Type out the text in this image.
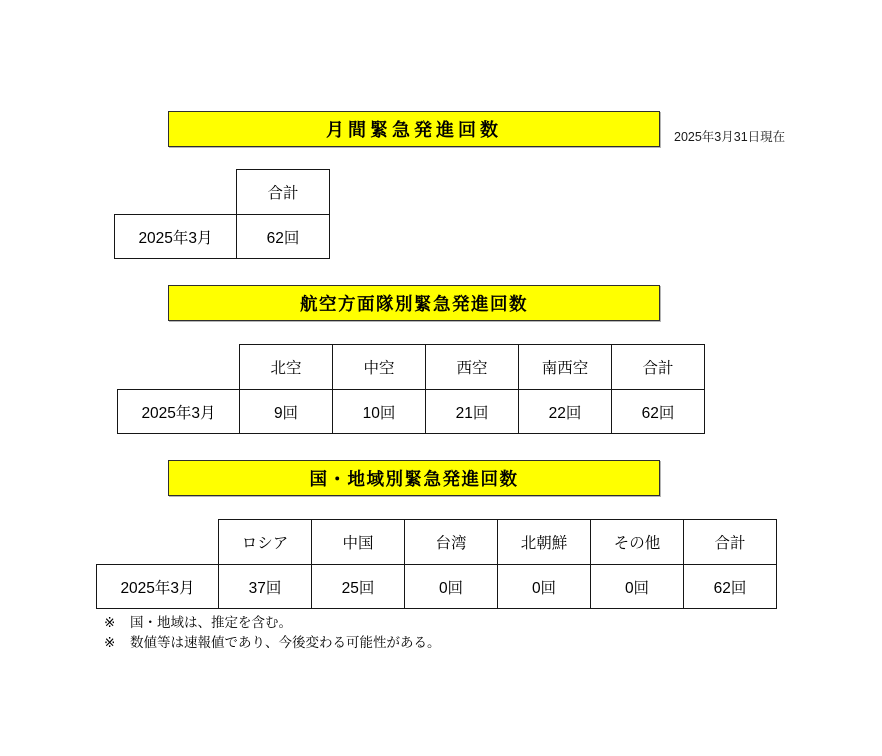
月間緊急発進回数	2025年3月31日現在
	合計
2025年3月	62回
航空方面隊別緊急発進回数
	北空	中空	西空	南西空	合計
2025年3月	9回	10回	21回	22回	62回
国・地域別緊急発進回数
	ロシア	中国	台湾	北朝鮮	その他	合計
2025年3月	37回	25回	0回	0回	0回	62回
※	国・地域は、推定を含む。
※	数値等は速報値であり、今後変わる可能性がある。
